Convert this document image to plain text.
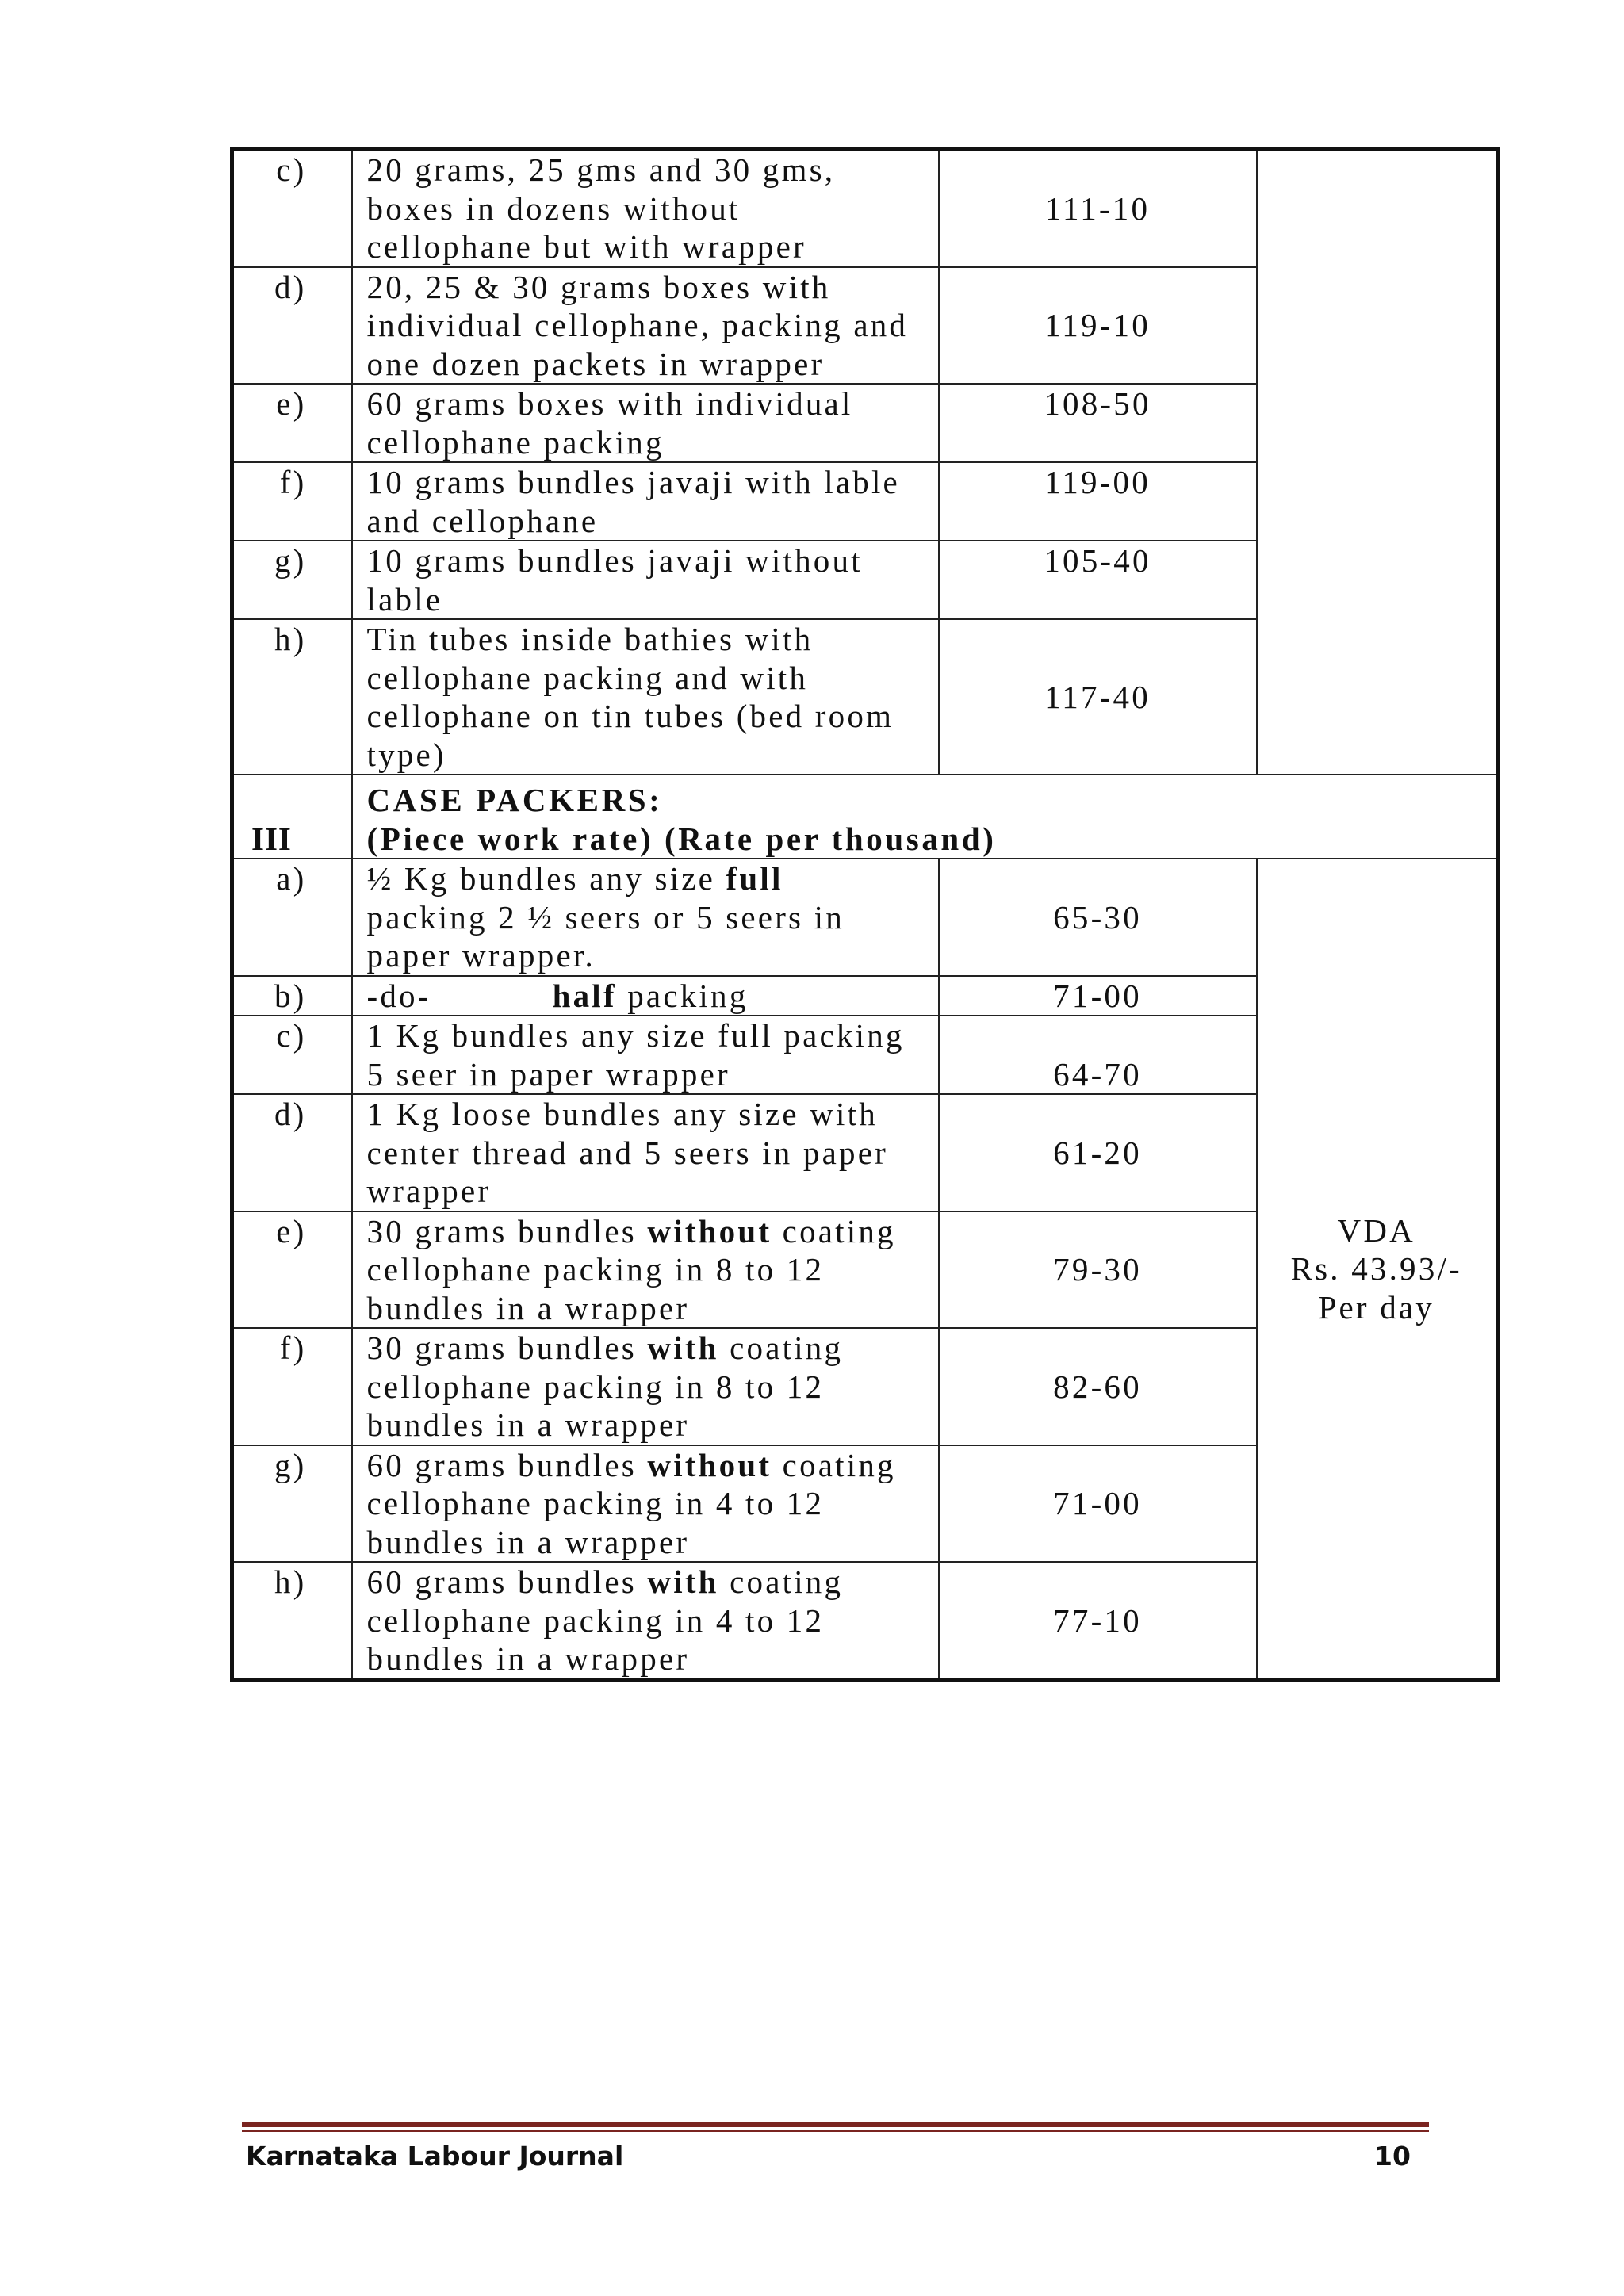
c)	20 grams, 25 gms and 30 gms,
boxes in dozens without
cellophane but with wrapper	111-10	
d)	20, 25 & 30 grams boxes with
individual cellophane, packing and
one dozen packets in wrapper	119-10	
e)	60 grams boxes with individual
cellophane packing	108-50	
f)	10 grams bundles javaji with lable
and cellophane	119-00	
g)	10 grams bundles javaji without
lable	105-40	
h)	Tin tubes inside bathies with
cellophane packing and with
cellophane on tin tubes (bed room
type)	117-40	
III	CASE PACKERS:
(Piece work rate) (Rate per thousand)		

a)	½ Kg bundles any size full
packing 2 ½ seers or 5 seers in
paper wrapper.	65-30	VDA
Rs. 43.93/-
Per day

b)	-do- half packing	71-00	
c)	1 Kg bundles any size full packing
5 seer in paper wrapper	64-70	
d)	1 Kg loose bundles any size with
center thread and 5 seers in paper
wrapper	61-20	
e)	30 grams bundles without coating
cellophane packing in 8 to 12
bundles in a wrapper	79-30	
f)	30 grams bundles with coating
cellophane packing in 8 to 12
bundles in a wrapper	82-60	
g)	60 grams bundles without coating
cellophane packing in 4 to 12
bundles in a wrapper	71-00	
h)	60 grams bundles with coating
cellophane packing in 4 to 12
bundles in a wrapper	77-10	
Karnataka Labour Journal	10
